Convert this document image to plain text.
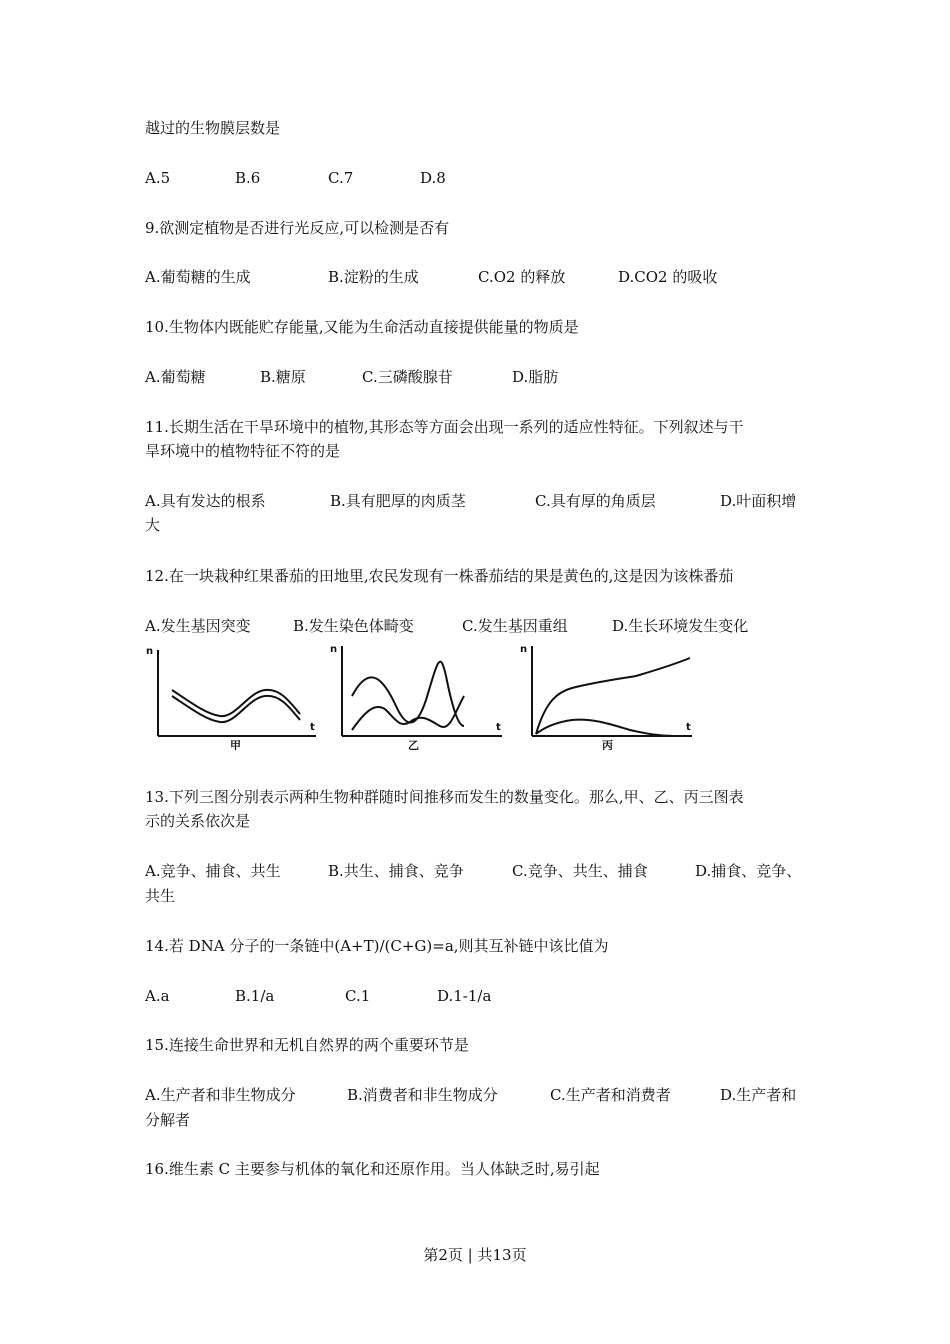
越过的生物膜层数是
A.5	B.6	C.7	D.8
9.欲测定植物是否进行光反应,可以检测是否有
A.葡萄糖的生成	B.淀粉的生成	C.O2 的释放	D.CO2 的吸收
10.生物体内既能贮存能量,又能为生命活动直接提供能量的物质是
A.葡萄糖	B.糖原	C.三磷酸腺苷	D.脂肪
11.长期生活在干旱环境中的植物,其形态等方面会出现一系列的适应性特征。下列叙述与干
旱环境中的植物特征不符的是
A.具有发达的根系	B.具有肥厚的肉质茎	C.具有厚的角质层	D.叶面积增
大
12.在一块栽种红果番茄的田地里,农民发现有一株番茄结的果是黄色的,这是因为该株番茄
A.发生基因突变	B.发生染色体畸变	C.发生基因重组	D.生长环境发生变化
n
t
n
t
n
t
甲	乙	丙
13.下列三图分别表示两种生物种群随时间推移而发生的数量变化。那么,甲、乙、丙三图表
示的关系依次是
A.竞争、捕食、共生	B.共生、捕食、竞争	C.竞争、共生、捕食	D.捕食、竞争、
共生
14.若 DNA 分子的一条链中(A+T)/(C+G)=a,则其互补链中该比值为
A.a	B.1/a	C.1	D.1-1/a
15.连接生命世界和无机自然界的两个重要环节是
A.生产者和非生物成分	B.消费者和非生物成分	C.生产者和消费者	D.生产者和
分解者
16.维生素 C 主要参与机体的氧化和还原作用。当人体缺乏时,易引起
第2页 | 共13页
